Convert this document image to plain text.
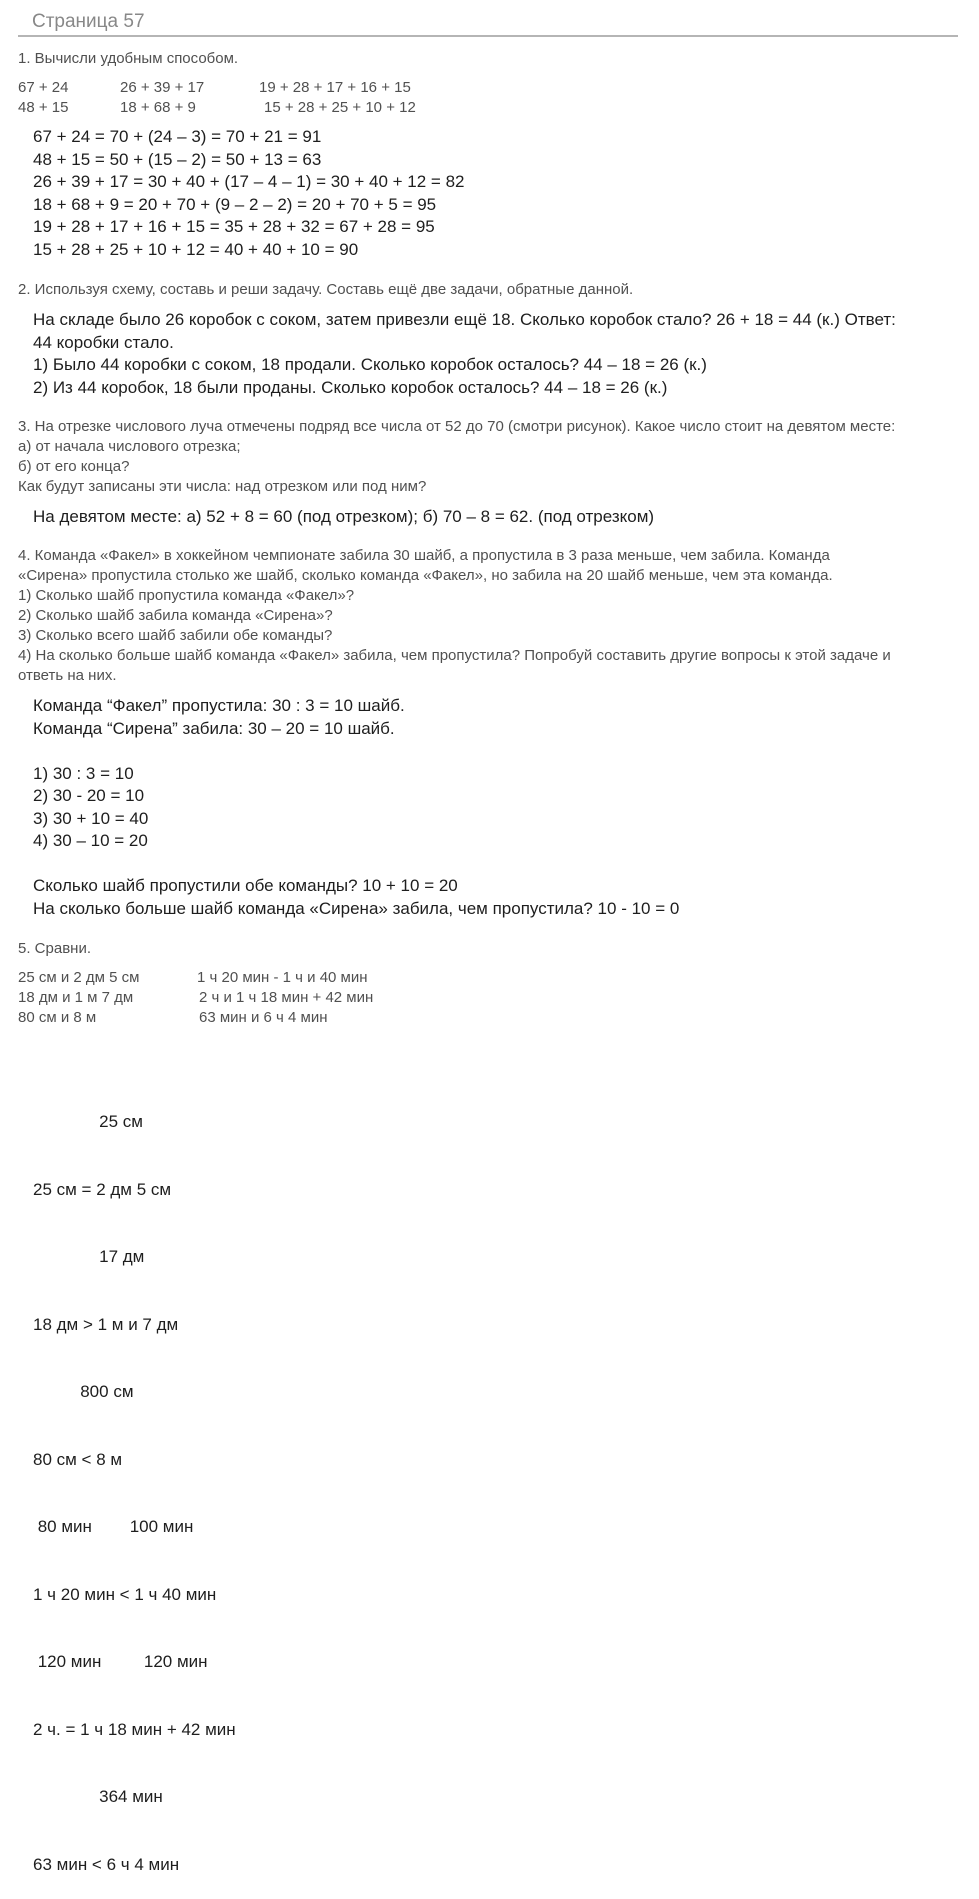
Страница 57
1. Вычисли удобным способом.
67 + 24	26 + 39 + 17	19 + 28 + 17 + 16 + 15
48 + 15	18 + 68 + 9	15 + 28 + 25 + 10 + 12
67 + 24 = 70 + (24 – 3) = 70 + 21 = 91
48 + 15 = 50 + (15 – 2) = 50 + 13 = 63
26 + 39 + 17 = 30 + 40 + (17 – 4 – 1) = 30 + 40 + 12 = 82
18 + 68 + 9 = 20 + 70 + (9 – 2 – 2) = 20 + 70 + 5 = 95
19 + 28 + 17 + 16 + 15 = 35 + 28 + 32 = 67 + 28 = 95
15 + 28 + 25 + 10 + 12 = 40 + 40 + 10 = 90
2. Используя схему, составь и реши задачу. Составь ещё две задачи, обратные данной.
На складе было 26 коробок с соком, затем привезли ещё 18. Сколько коробок стало? 26 + 18 = 44 (к.) Ответ:
44 коробки стало.
1) Было 44 коробки с соком, 18 продали. Сколько коробок осталось? 44 – 18 = 26 (к.)
2) Из 44 коробок, 18 были проданы. Сколько коробок осталось? 44 – 18 = 26 (к.)
3. На отрезке числового луча отмечены подряд все числа от 52 до 70 (смотри рисунок). Какое число стоит на девятом месте:
а) от начала числового отрезка;
б) от его конца?
Как будут записаны эти числа: над отрезком или под ним?
На девятом месте: а) 52 + 8 = 60 (под отрезком); б) 70 – 8 = 62. (под отрезком)
4. Команда «Факел» в хоккейном чемпионате забила 30 шайб, а пропустила в 3 раза меньше, чем забила. Команда
«Сирена» пропустила столько же шайб, сколько команда «Факел», но забила на 20 шайб меньше, чем эта команда.
1) Сколько шайб пропустила команда «Факел»?
2) Сколько шайб забила команда «Сирена»?
3) Сколько всего шайб забили обе команды?
4) На сколько больше шайб команда «Факел» забила, чем пропустила? Попробуй составить другие вопросы к этой задаче и
ответь на них.
Команда “Факел” пропустила: 30 : 3 = 10 шайб.
Команда “Сирена” забила: 30 – 20 = 10 шайб.
1) 30 : 3 = 10
2) 30 - 20 = 10
3) 30 + 10 = 40
4) 30 – 10 = 20
Сколько шайб пропустили обе команды? 10 + 10 = 20
На сколько больше шайб команда «Сирена» забила, чем пропустила? 10 - 10 = 0
5. Сравни.
25 см и 2 дм 5 см	1 ч 20 мин - 1 ч и 40 мин
18 дм и 1 м 7 дм	2 ч и 1 ч 18 мин + 42 мин
80 см и 8 м	63 мин и 6 ч 4 мин

25 см

25 см = 2 дм 5 см

17 дм

18 дм > 1 м и 7 дм

800 см

80 см < 8 м

80 мин        100 мин

1 ч 20 мин < 1 ч 40 мин

120 мин         120 мин

2 ч. = 1 ч 18 мин + 42 мин

364 мин

63 мин < 6 ч 4 мин
